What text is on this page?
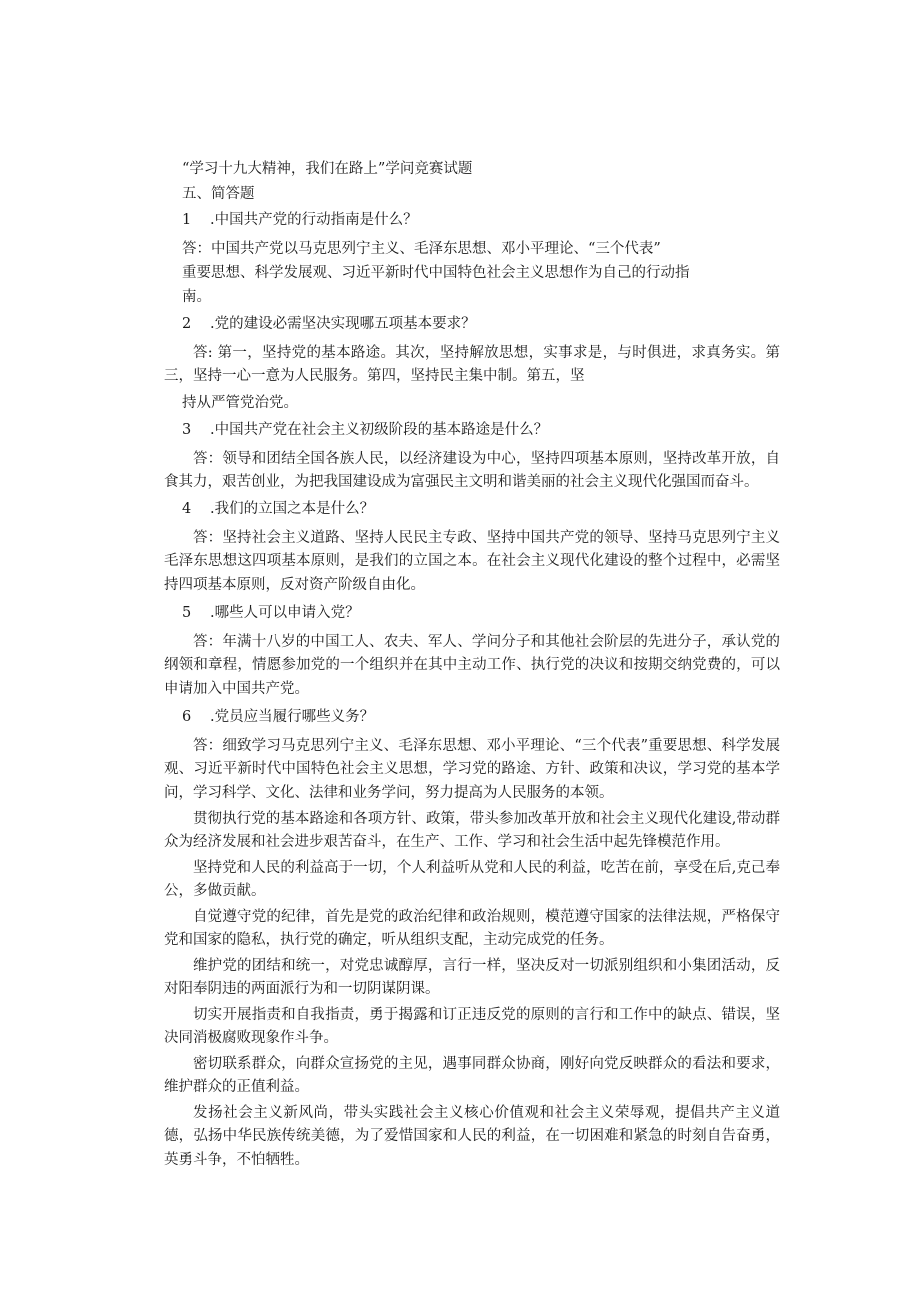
“学习十九大精神，我们在路上”学问竞赛试题
五、简答题
1 .中国共产党的行动指南是什么？
答：中国共产党以马克思列宁主义、毛泽东思想、邓小平理论、“三个代表”
重要思想、科学发展观、习近平新时代中国特色社会主义思想作为自己的行动指
南。
2 .党的建设必需坚决实现哪五项基本要求？
答: 第一，坚持党的基本路途。其次，坚持解放思想，实事求是，与时俱进，求真务实。第三，坚持一心一意为人民服务。第四，坚持民主集中制。第五，坚
持从严管党治党。
3 .中国共产党在社会主义初级阶段的基本路途是什么？
答：领导和团结全国各族人民，以经济建设为中心，坚持四项基本原则，坚持改革开放，自食其力，艰苦创业，为把我国建设成为富强民主文明和谐美丽的社会主义现代化强国而奋斗。
4 .我们的立国之本是什么？
答：坚持社会主义道路、坚持人民民主专政、坚持中国共产党的领导、坚持马克思列宁主义毛泽东思想这四项基本原则，是我们的立国之本。在社会主义现代化建设的整个过程中，必需坚持四项基本原则，反对资产阶级自由化。
5 .哪些人可以申请入党？
答：年满十八岁的中国工人、农夫、军人、学问分子和其他社会阶层的先进分子，承认党的纲领和章程，情愿参加党的一个组织并在其中主动工作、执行党的决议和按期交纳党费的，可以申请加入中国共产党。
6 .党员应当履行哪些义务？
答：细致学习马克思列宁主义、毛泽东思想、邓小平理论、“三个代表”重要思想、科学发展观、习近平新时代中国特色社会主义思想，学习党的路途、方针、政策和决议，学习党的基本学问，学习科学、文化、法律和业务学问，努力提高为人民服务的本领。
贯彻执行党的基本路途和各项方针、政策，带头参加改革开放和社会主义现代化建设,带动群众为经济发展和社会进步艰苦奋斗，在生产、工作、学习和社会生活中起先锋模范作用。
坚持党和人民的利益高于一切，个人利益听从党和人民的利益，吃苦在前，享受在后,克己奉公，多做贡献。
自觉遵守党的纪律，首先是党的政治纪律和政治规则，模范遵守国家的法律法规，严格保守党和国家的隐私，执行党的确定，听从组织支配，主动完成党的任务。
维护党的团结和统一，对党忠诚醇厚，言行一样，坚决反对一切派别组织和小集团活动，反对阳奉阴违的两面派行为和一切阴谋阴课。
切实开展指责和自我指责，勇于揭露和订正违反党的原则的言行和工作中的缺点、错误，坚决同消极腐败现象作斗争。
密切联系群众，向群众宣扬党的主见，遇事同群众协商，刚好向党反映群众的看法和要求，维护群众的正值利益。
发扬社会主义新风尚，带头实践社会主义核心价值观和社会主义荣辱观，提倡共产主义道德，弘扬中华民族传统美德，为了爱惜国家和人民的利益，在一切困难和紧急的时刻自告奋勇，英勇斗争，不怕牺牲。
